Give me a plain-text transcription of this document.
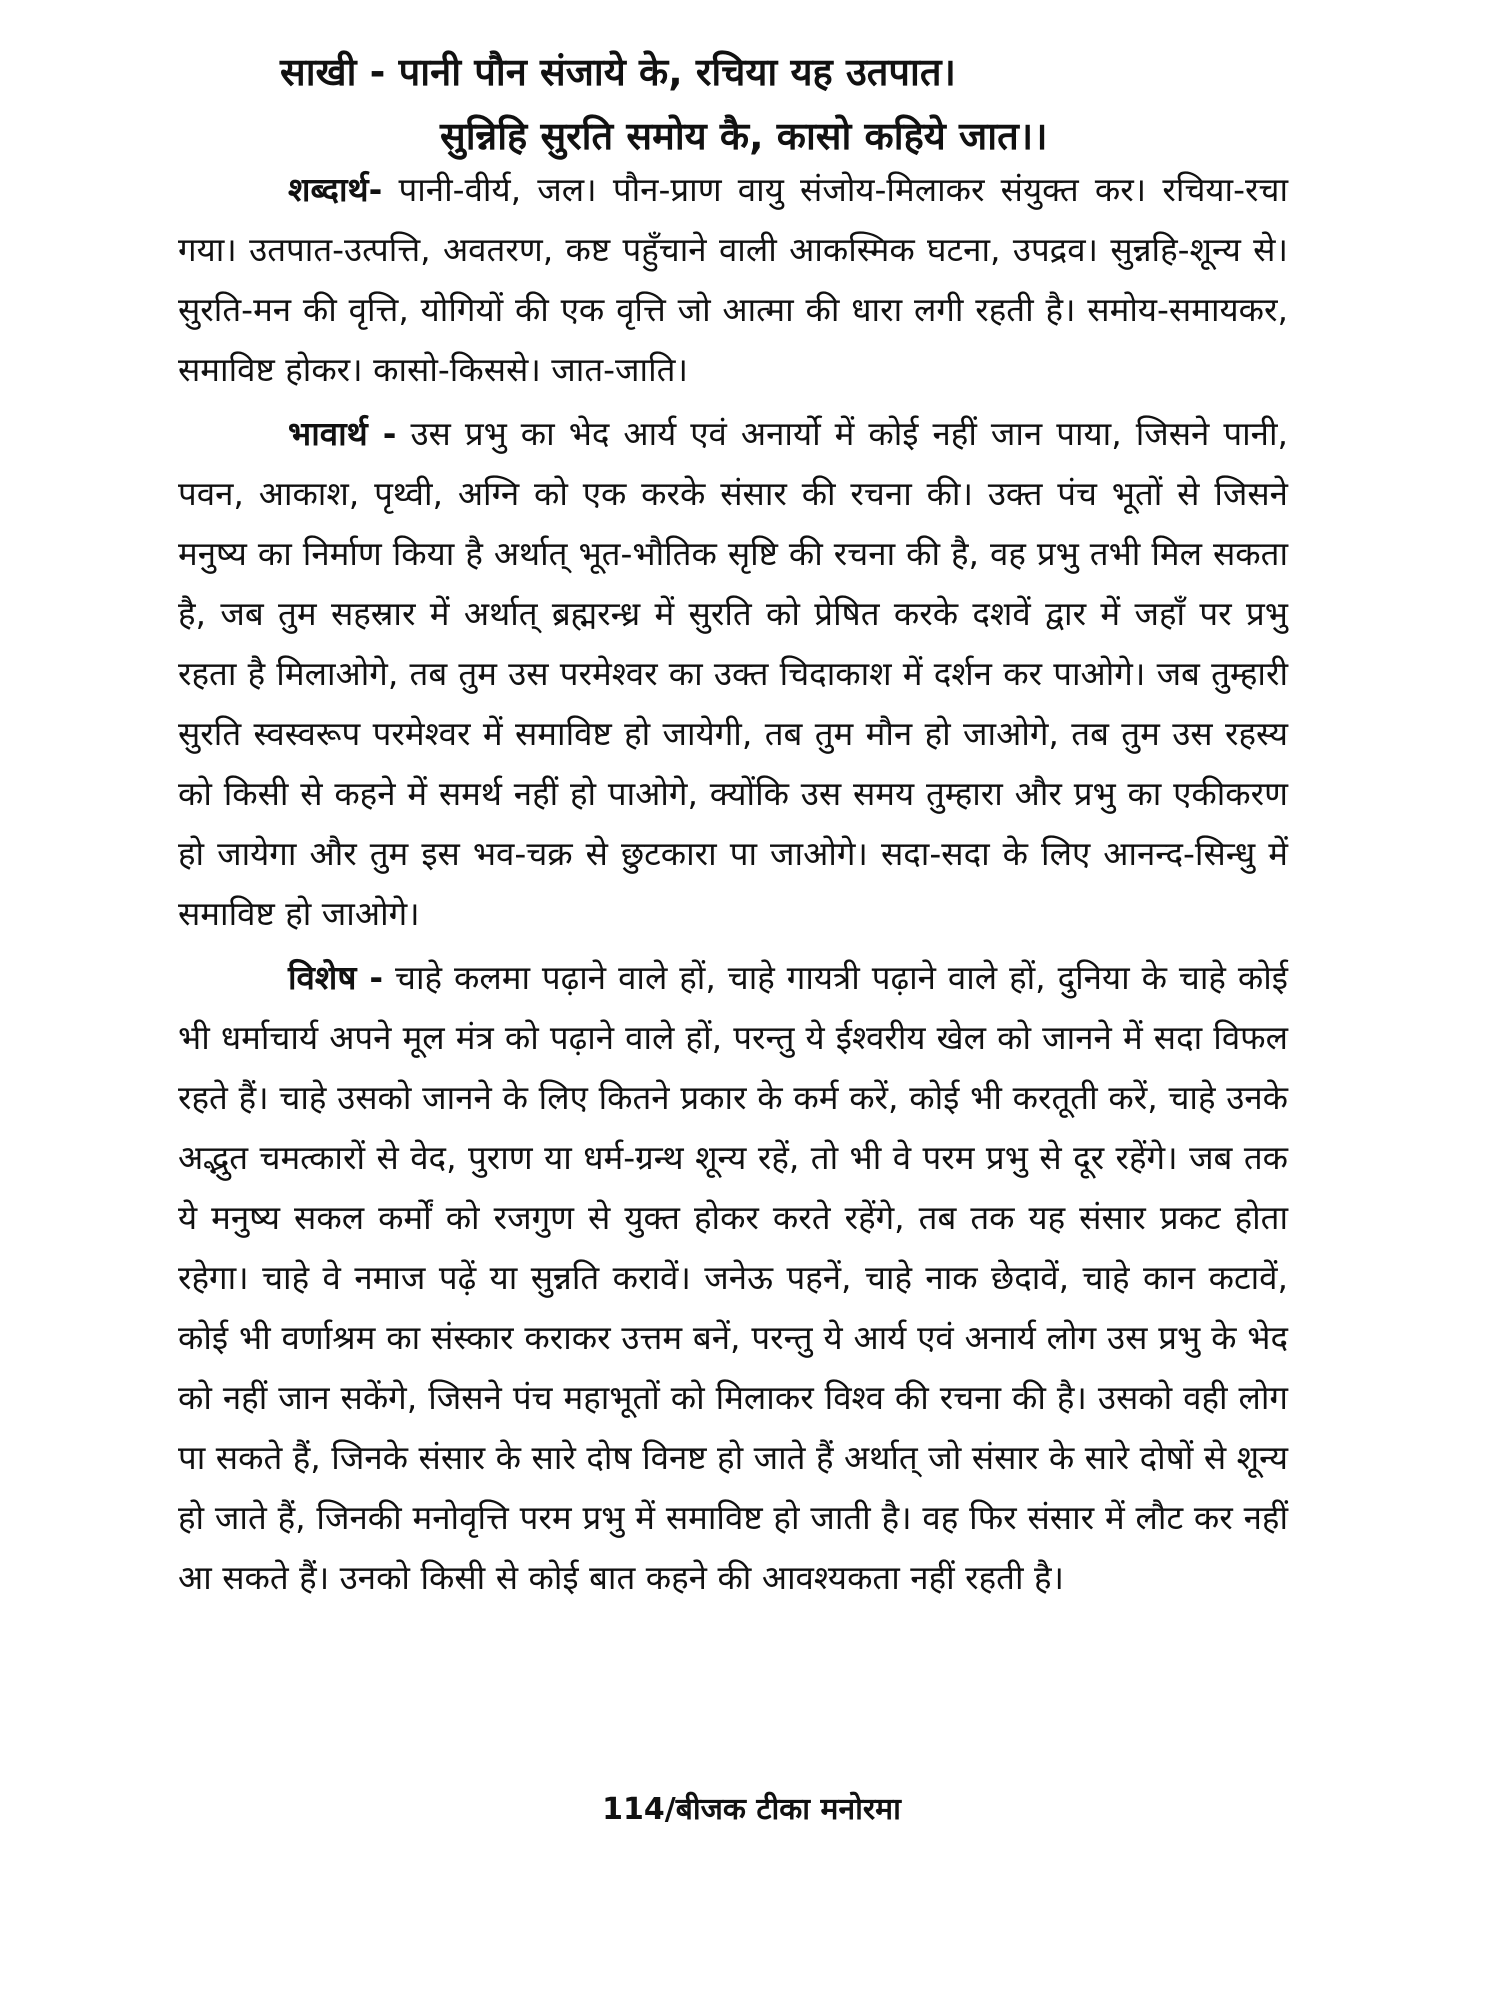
साखी - पानी पौन संजाये के, रचिया यह उतपात।
सुन्निहि सुरति समोय कै, कासो कहिये जात।।

शब्दार्थ- पानी-वीर्य, जल। पौन-प्राण वायु संजोय-मिलाकर संयुक्त कर। रचिया-रचा गया। उतपात-उत्पत्ति, अवतरण, कष्ट पहुँचाने वाली आकस्मिक घटना, उपद्रव। सुन्नहि-शून्य से। सुरति-मन की वृत्ति, योगियों की एक वृत्ति जो आत्मा की धारा लगी रहती है। समोय-समायकर, समाविष्ट होकर। कासो-किससे। जात-जाति।

भावार्थ - उस प्रभु का भेद आर्य एवं अनार्यो में कोई नहीं जान पाया, जिसने पानी, पवन, आकाश, पृथ्वी, अग्नि को एक करके संसार की रचना की। उक्त पंच भूतों से जिसने मनुष्य का निर्माण किया है अर्थात् भूत-भौतिक सृष्टि की रचना की है, वह प्रभु तभी मिल सकता है, जब तुम सहस्रार में अर्थात् ब्रह्मरन्ध्र में सुरति को प्रेषित करके दशवें द्वार में जहाँ पर प्रभु रहता है मिलाओगे, तब तुम उस परमेश्वर का उक्त चिदाकाश में दर्शन कर पाओगे। जब तुम्हारी सुरति स्वस्वरूप परमेश्वर में समाविष्ट हो जायेगी, तब तुम मौन हो जाओगे, तब तुम उस रहस्य को किसी से कहने में समर्थ नहीं हो पाओगे, क्योंकि उस समय तुम्हारा और प्रभु का एकीकरण हो जायेगा और तुम इस भव-चक्र से छुटकारा पा जाओगे। सदा-सदा के लिए आनन्द-सिन्धु में समाविष्ट हो जाओगे।

विशेष - चाहे कलमा पढ़ाने वाले हों, चाहे गायत्री पढ़ाने वाले हों, दुनिया के चाहे कोई भी धर्माचार्य अपने मूल मंत्र को पढ़ाने वाले हों, परन्तु ये ईश्वरीय खेल को जानने में सदा विफल रहते हैं। चाहे उसको जानने के लिए कितने प्रकार के कर्म करें, कोई भी करतूती करें, चाहे उनके अद्भुत चमत्कारों से वेद, पुराण या धर्म-ग्रन्थ शून्य रहें, तो भी वे परम प्रभु से दूर रहेंगे। जब तक ये मनुष्य सकल कर्मों को रजगुण से युक्त होकर करते रहेंगे, तब तक यह संसार प्रकट होता रहेगा। चाहे वे नमाज पढ़ें या सुन्नति करावें। जनेऊ पहनें, चाहे नाक छेदावें, चाहे कान कटावें, कोई भी वर्णाश्रम का संस्कार कराकर उत्तम बनें, परन्तु ये आर्य एवं अनार्य लोग उस प्रभु के भेद को नहीं जान सकेंगे, जिसने पंच महाभूतों को मिलाकर विश्व की रचना की है। उसको वही लोग पा सकते हैं, जिनके संसार के सारे दोष विनष्ट हो जाते हैं अर्थात् जो संसार के सारे दोषों से शून्य हो जाते हैं, जिनकी मनोवृत्ति परम प्रभु में समाविष्ट हो जाती है। वह फिर संसार में लौट कर नहीं आ सकते हैं। उनको किसी से कोई बात कहने की आवश्यकता नहीं रहती है।

114/बीजक टीका मनोरमा
